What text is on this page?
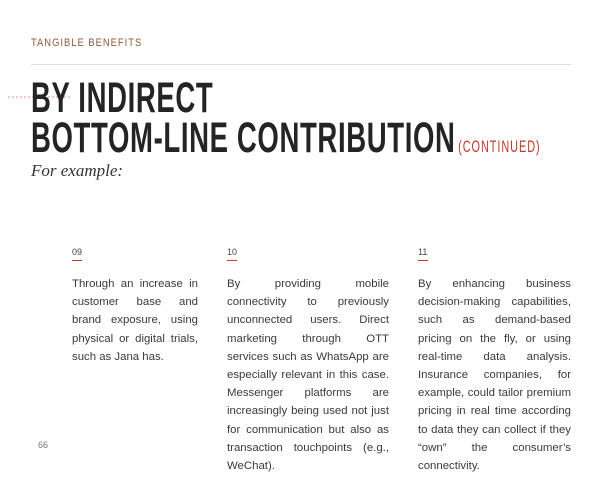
TANGIBLE BENEFITS
BY INDIRECT
BOTTOM-LINE CONTRIBUTION (CONTINUED)
For example:
09
Through an increase in customer base and brand exposure, using physical or digital trials, such as Jana has.
10
By providing mobile connectivity to previously unconnected users. Direct marketing through OTT services such as WhatsApp are especially relevant in this case. Messenger platforms are increasingly being used not just for communication but also as transaction touchpoints (e.g., WeChat).
11
By enhancing business decision-making capabilities, such as demand-based pricing on the fly, or using real-time data analysis. Insurance companies, for example, could tailor premium pricing in real time according to data they can collect if they “own” the consumer’s connectivity.
66
